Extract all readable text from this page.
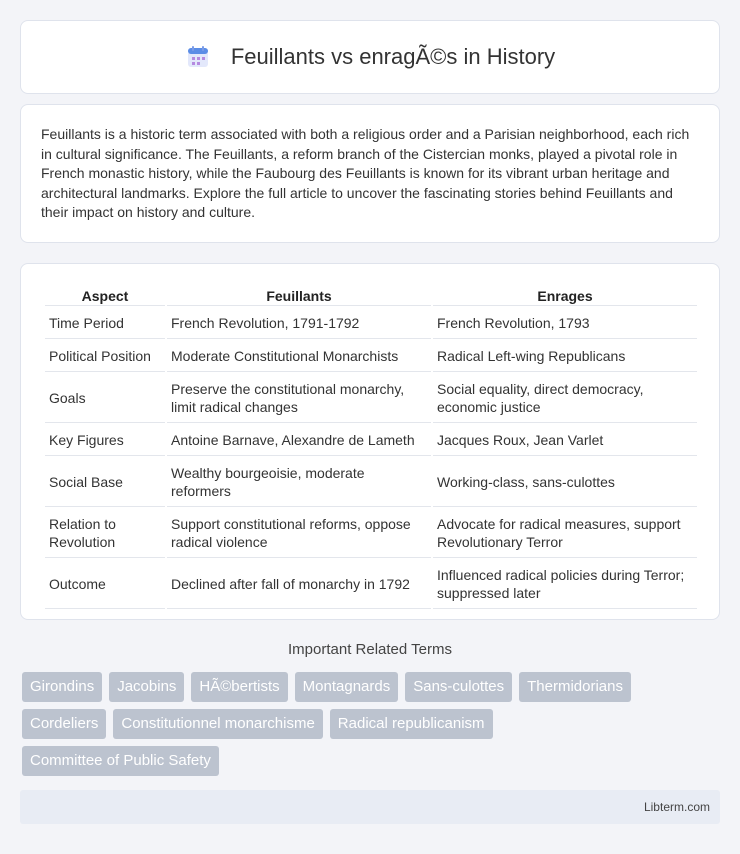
Feuillants vs enragÃ©s in History

Feuillants is a historic term associated with both a religious order and a Parisian neighborhood, each rich in cultural significance. The Feuillants, a reform branch of the Cistercian monks, played a pivotal role in French monastic history, while the Faubourg des Feuillants is known for its vibrant urban heritage and architectural landmarks. Explore the full article to uncover the fascinating stories behind Feuillants and their impact on history and culture.

Aspect	Feuillants	Enrages
Time Period	French Revolution, 1791-1792	French Revolution, 1793
Political Position	Moderate Constitutional Monarchists	Radical Left-wing Republicans
Goals	Preserve the constitutional monarchy, limit radical changes	Social equality, direct democracy, economic justice
Key Figures	Antoine Barnave, Alexandre de Lameth	Jacques Roux, Jean Varlet
Social Base	Wealthy bourgeoisie, moderate reformers	Working-class, sans-culottes
Relation to Revolution	Support constitutional reforms, oppose radical violence	Advocate for radical measures, support Revolutionary Terror
Outcome	Declined after fall of monarchy in 1792	Influenced radical policies during Terror; suppressed later
Important Related Terms
Girondins	Jacobins	HÃ©bertists	Montagnards	Sans-culottes	Thermidorians
Cordeliers	Constitutionnel monarchisme	Radical republicanism
Committee of Public Safety
Libterm.com
